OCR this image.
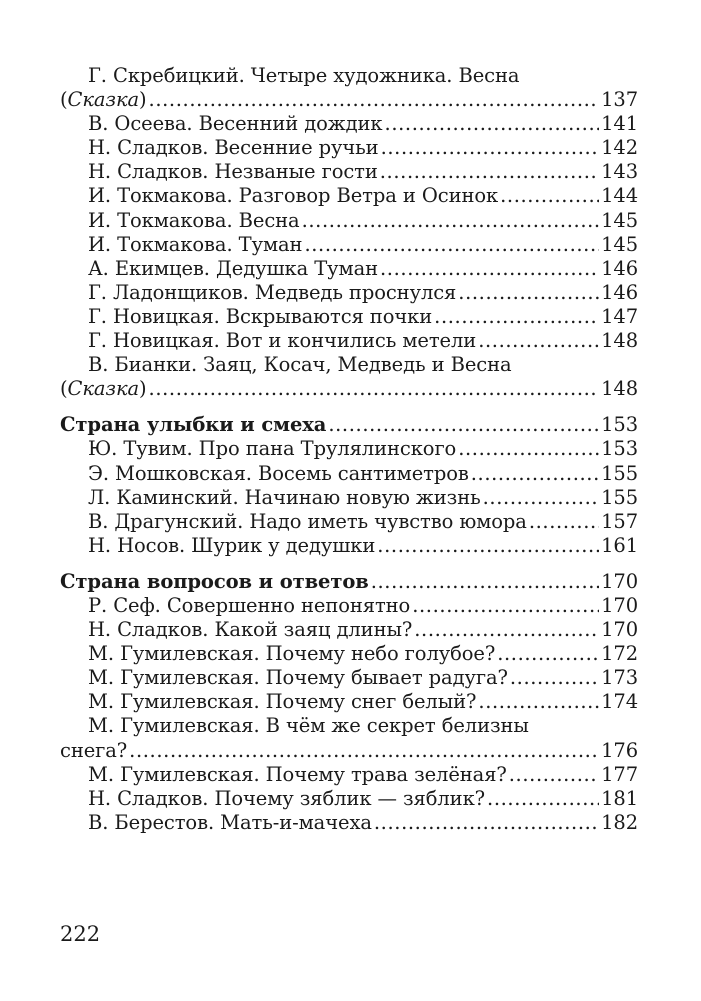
Г. Скребицкий. Четыре художника. Весна
(Сказка) .....	137
В. Осеева. Весенний дождик .....	141
Н. Сладков. Весенние ручьи .....	142
Н. Сладков. Незваные гости .....	143
И. Токмакова. Разговор Ветра и Осинок .....	144
И. Токмакова. Весна .....	145
И. Токмакова. Туман .....	145
А. Екимцев. Дедушка Туман .....	146
Г. Ладонщиков. Медведь проснулся .....	146
Г. Новицкая. Вскрываются почки .....	147
Г. Новицкая. Вот и кончились метели .....	148
В. Бианки. Заяц, Косач, Медведь и Весна
(Сказка) .....	148
Страна улыбки и смеха .....	153
Ю. Тувим. Про пана Трулялинского .....	153
Э. Мошковская. Восемь сантиметров .....	155
Л. Каминский. Начинаю новую жизнь .....	155
В. Драгунский. Надо иметь чувство юмора .....	157
Н. Носов. Шурик у дедушки .....	161
Страна вопросов и ответов .....	170
Р. Сеф. Совершенно непонятно .....	170
Н. Сладков. Какой заяц длины? .....	170
М. Гумилевская. Почему небо голубое? .....	172
М. Гумилевская. Почему бывает радуга? .....	173
М. Гумилевская. Почему снег белый? .....	174
М. Гумилевская. В чём же секрет белизны
снега? .....	176
М. Гумилевская. Почему трава зелёная? .....	177
Н. Сладков. Почему зяблик — зяблик? .....	181
В. Берестов. Мать-и-мачеха .....	182
222
